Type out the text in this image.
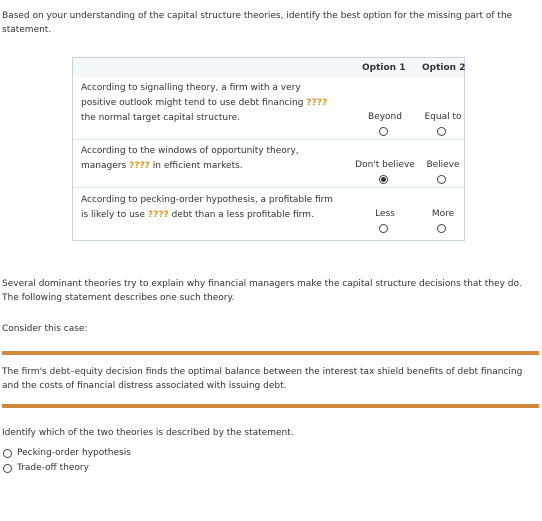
Based on your understanding of the capital structure theories, identify the best option for the missing part of the statement.
Option 1 Option 2
According to signalling theory, a firm with a very
positive outlook might tend to use debt financing ????
the normal target capital structure.	Beyond	Equal to
According to the windows of opportunity theory,
managers ???? in efficient markets.	Don't believe	Believe
According to pecking-order hypothesis, a profitable firm
is likely to use ???? debt than a less profitable firm.	Less	More
Several dominant theories try to explain why financial managers make the capital structure decisions that they do.
The following statement describes one such theory.
Consider this case:
The firm's debt–equity decision finds the optimal balance between the interest tax shield benefits of debt financing
and the costs of financial distress associated with issuing debt.
Identify which of the two theories is described by the statement.
Pecking-order hypothesis
Trade-off theory
